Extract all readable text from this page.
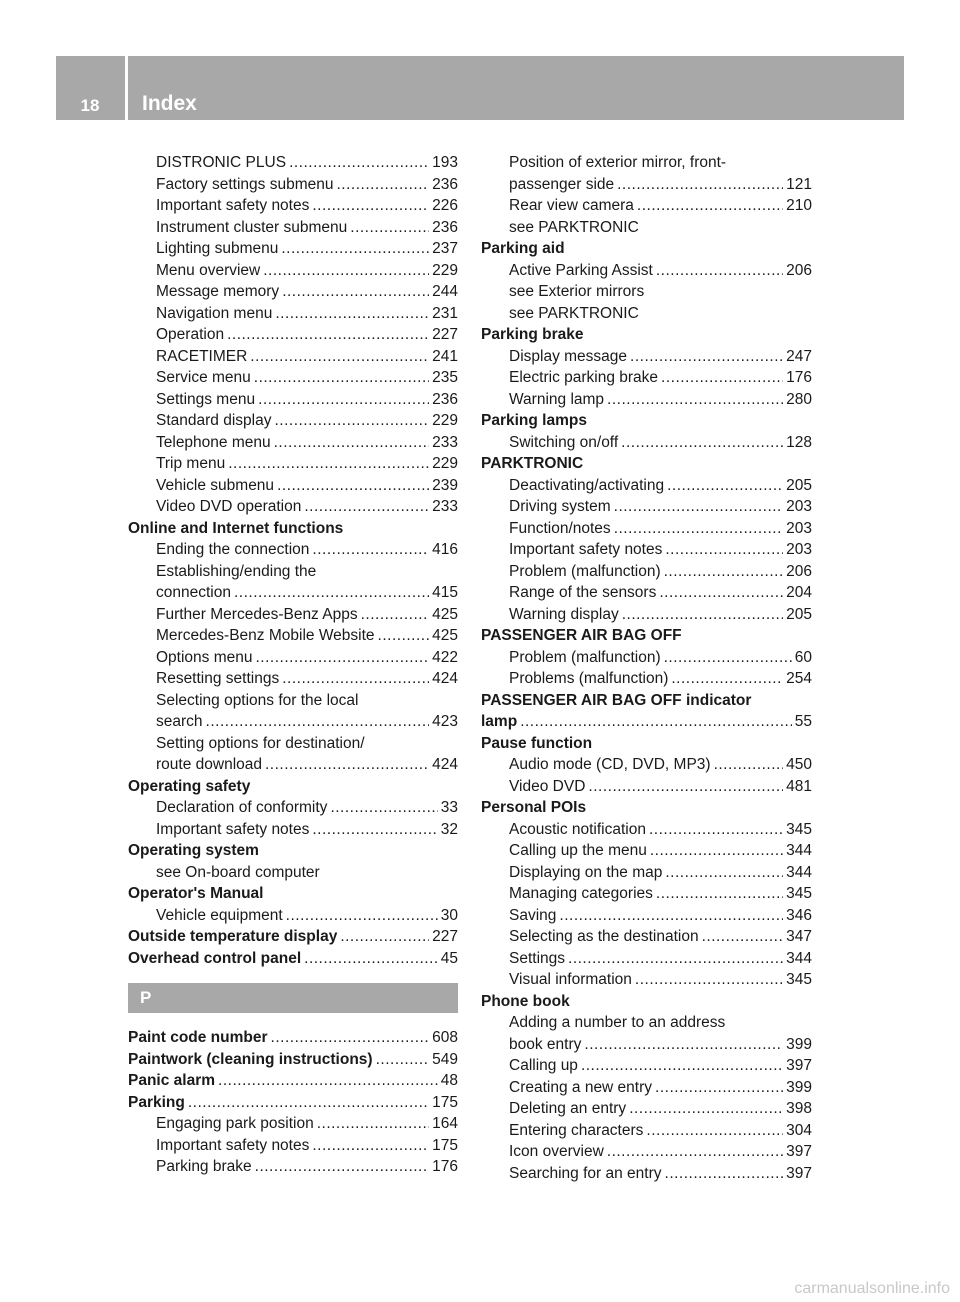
18	Index
DISTRONIC PLUS .....	193
Factory settings submenu .....	236
Important safety notes .....	226
Instrument cluster submenu .....	236
Lighting submenu .....	237
Menu overview .....	229
Message memory .....	244
Navigation menu .....	231
Operation .....	227
RACETIMER .....	241
Service menu .....	235
Settings menu .....	236
Standard display .....	229
Telephone menu .....	233
Trip menu .....	229
Vehicle submenu .....	239
Video DVD operation .....	233
Online and Internet functions
Ending the connection .....	416
Establishing/ending the
connection .....	415
Further Mercedes-Benz Apps .....	425
Mercedes-Benz Mobile Website .....	425
Options menu .....	422
Resetting settings .....	424
Selecting options for the local
search .....	423
Setting options for destination/
route download .....	424
Operating safety
Declaration of conformity .....	33
Important safety notes .....	32
Operating system
see On-board computer
Operator's Manual
Vehicle equipment .....	30
Outside temperature display .....	227
Overhead control panel .....	45
P
Paint code number .....	608
Paintwork (cleaning instructions) .....	549
Panic alarm .....	48
Parking .....	175
Engaging park position .....	164
Important safety notes .....	175
Parking brake .....	176
Position of exterior mirror, front-
passenger side .....	121
Rear view camera .....	210
see PARKTRONIC
Parking aid
Active Parking Assist .....	206
see Exterior mirrors
see PARKTRONIC
Parking brake
Display message .....	247
Electric parking brake .....	176
Warning lamp .....	280
Parking lamps
Switching on/off .....	128
PARKTRONIC
Deactivating/activating .....	205
Driving system .....	203
Function/notes .....	203
Important safety notes .....	203
Problem (malfunction) .....	206
Range of the sensors .....	204
Warning display .....	205
PASSENGER AIR BAG OFF
Problem (malfunction) .....	60
Problems (malfunction) .....	254
PASSENGER AIR BAG OFF indicator
lamp .....	55
Pause function
Audio mode (CD, DVD, MP3) .....	450
Video DVD .....	481
Personal POIs
Acoustic notification .....	345
Calling up the menu .....	344
Displaying on the map .....	344
Managing categories .....	345
Saving .....	346
Selecting as the destination .....	347
Settings .....	344
Visual information .....	345
Phone book
Adding a number to an address
book entry .....	399
Calling up .....	397
Creating a new entry .....	399
Deleting an entry .....	398
Entering characters .....	304
Icon overview .....	397
Searching for an entry .....	397
carmanualsonline.info
